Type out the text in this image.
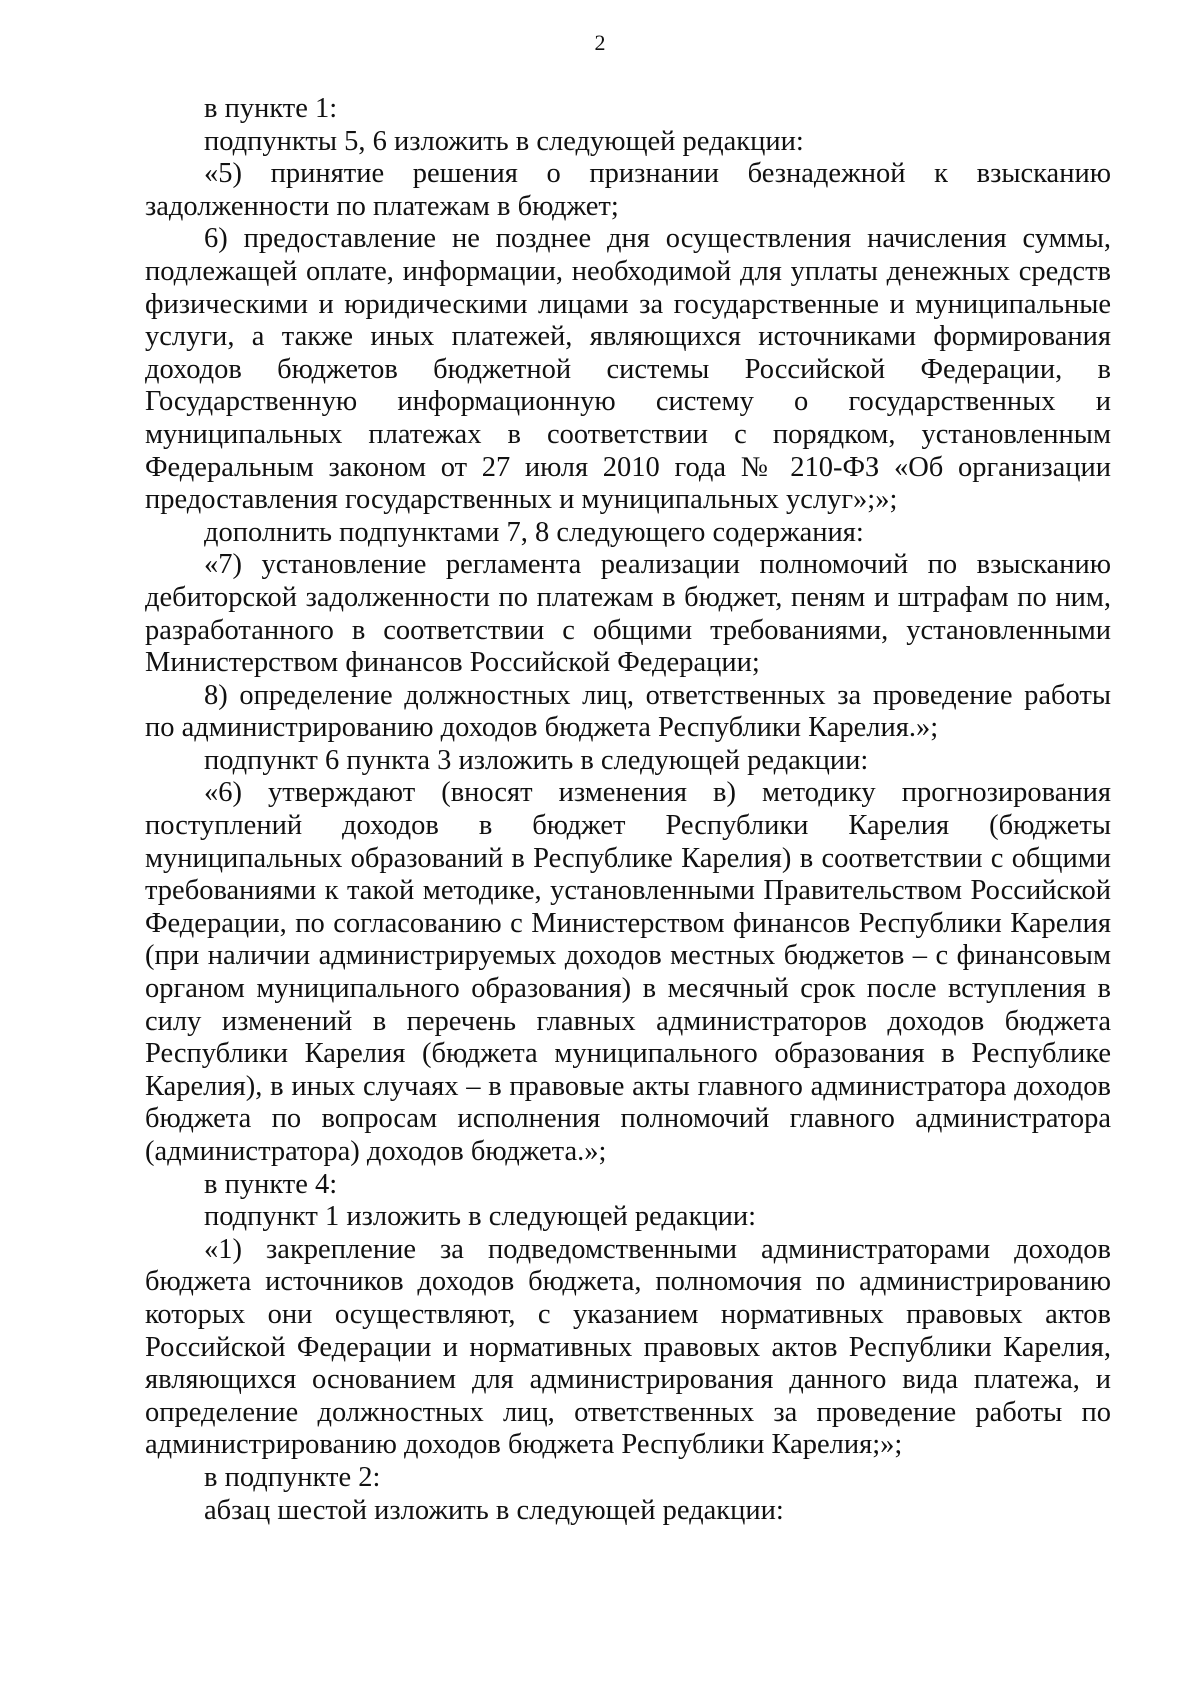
2

в пункте 1:

подпункты 5, 6 изложить в следующей редакции:

«5) принятие решения о признании безнадежной к взысканию задолженности по платежам в бюджет;

6) предоставление не позднее дня осуществления начисления суммы, подлежащей оплате, информации, необходимой для уплаты денежных средств физическими и юридическими лицами за государственные и муниципальные услуги, а также иных платежей, являющихся источниками формирования доходов бюджетов бюджетной системы Российской Федерации, в Государственную информационную систему о государственных и муниципальных платежах в соответствии с порядком, установленным Федеральным законом от 27 июля 2010 года № 210-ФЗ «Об организации предоставления государственных и муниципальных услуг»;»;

дополнить подпунктами 7, 8 следующего содержания:

«7) установление регламента реализации полномочий по взысканию дебиторской задолженности по платежам в бюджет, пеням и штрафам по ним, разработанного в соответствии с общими требованиями, установленными Министерством финансов Российской Федерации;

8) определение должностных лиц, ответственных за проведение работы по администрированию доходов бюджета Республики Карелия.»;

подпункт 6 пункта 3 изложить в следующей редакции:

«6) утверждают (вносят изменения в) методику прогнозирования поступлений доходов в бюджет Республики Карелия (бюджеты муниципальных образований в Республике Карелия) в соответствии с общими требованиями к такой методике, установленными Правительством Российской Федерации, по согласованию с Министерством финансов Республики Карелия (при наличии администрируемых доходов местных бюджетов – с финансовым органом муниципального образования) в месячный срок после вступления в силу изменений в перечень главных администраторов доходов бюджета Республики Карелия (бюджета муниципального образования в Республике Карелия), в иных случаях – в правовые акты главного администратора доходов бюджета по вопросам исполнения полномочий главного администратора (администратора) доходов бюджета.»;

в пункте 4:

подпункт 1 изложить в следующей редакции:

«1) закрепление за подведомственными администраторами доходов бюджета источников доходов бюджета, полномочия по администрированию которых они осуществляют, с указанием нормативных правовых актов Российской Федерации и нормативных правовых актов Республики Карелия, являющихся основанием для администрирования данного вида платежа, и определение должностных лиц, ответственных за проведение работы по администрированию доходов бюджета Республики Карелия;»;

в подпункте 2:

абзац шестой изложить в следующей редакции:
